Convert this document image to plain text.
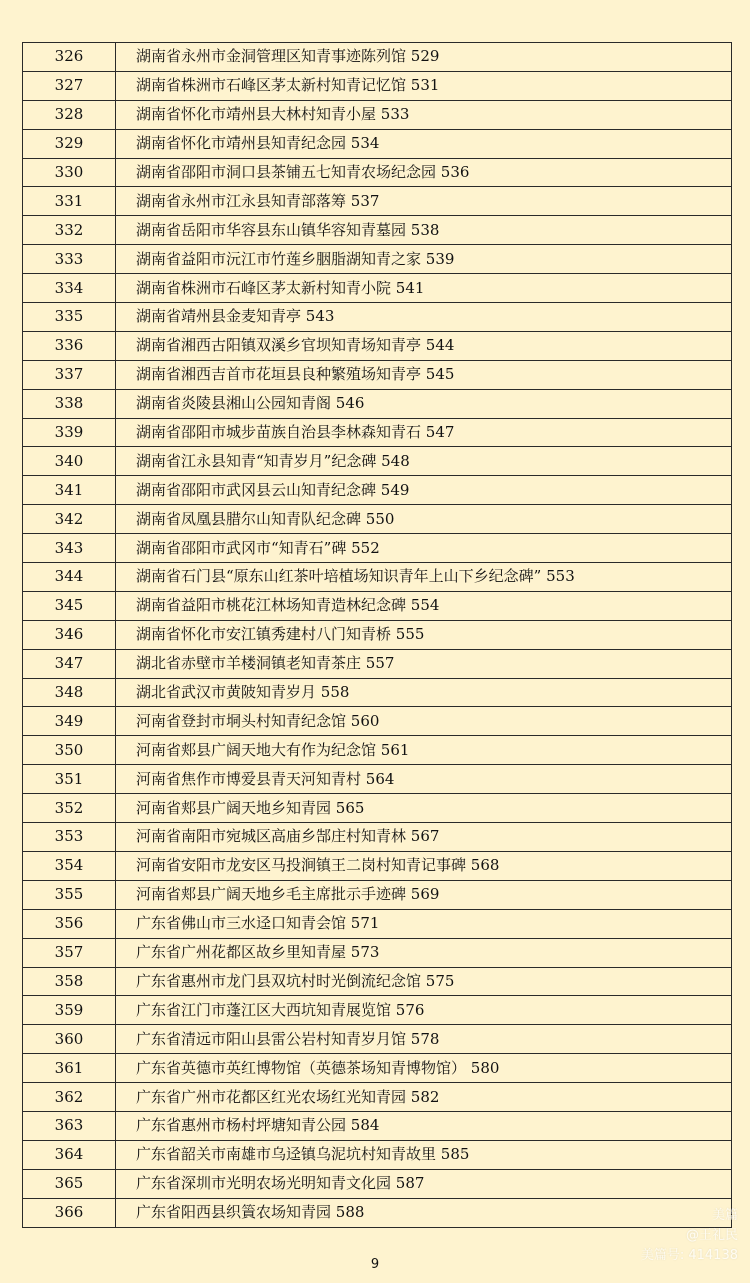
326	湖南省永州市金洞管理区知青事迹陈列馆 529
327	湖南省株洲市石峰区茅太新村知青记忆馆 531
328	湖南省怀化市靖州县大林村知青小屋 533
329	湖南省怀化市靖州县知青纪念园 534
330	湖南省邵阳市洞口县茶铺五七知青农场纪念园 536
331	湖南省永州市江永县知青部落筹 537
332	湖南省岳阳市华容县东山镇华容知青墓园 538
333	湖南省益阳市沅江市竹莲乡胭脂湖知青之家 539
334	湖南省株洲市石峰区茅太新村知青小院 541
335	湖南省靖州县金麦知青亭 543
336	湖南省湘西古阳镇双溪乡官坝知青场知青亭 544
337	湖南省湘西吉首市花垣县良种繁殖场知青亭 545
338	湖南省炎陵县湘山公园知青阁 546
339	湖南省邵阳市城步苗族自治县李林森知青石 547
340	湖南省江永县知青“知青岁月”纪念碑 548
341	湖南省邵阳市武冈县云山知青纪念碑 549
342	湖南省凤凰县腊尔山知青队纪念碑 550
343	湖南省邵阳市武冈市“知青石”碑 552
344	湖南省石门县“原东山红茶叶培植场知识青年上山下乡纪念碑” 553
345	湖南省益阳市桃花江林场知青造林纪念碑 554
346	湖南省怀化市安江镇秀建村八门知青桥 555
347	湖北省赤壁市羊楼洞镇老知青茶庄 557
348	湖北省武汉市黄陂知青岁月 558
349	河南省登封市垌头村知青纪念馆 560
350	河南省郏县广阔天地大有作为纪念馆 561
351	河南省焦作市博爱县青天河知青村 564
352	河南省郏县广阔天地乡知青园 565
353	河南省南阳市宛城区高庙乡郜庄村知青林 567
354	河南省安阳市龙安区马投涧镇王二岗村知青记事碑 568
355	河南省郏县广阔天地乡毛主席批示手迹碑 569
356	广东省佛山市三水迳口知青会馆 571
357	广东省广州花都区故乡里知青屋 573
358	广东省惠州市龙门县双坑村时光倒流纪念馆 575
359	广东省江门市蓬江区大西坑知青展览馆 576
360	广东省清远市阳山县雷公岩村知青岁月馆 578
361	广东省英德市英红博物馆（英德茶场知青博物馆） 580
362	广东省广州市花都区红光农场红光知青园 582
363	广东省惠州市杨村坪塘知青公园 584
364	广东省韶关市南雄市乌迳镇乌泥坑村知青故里 585
365	广东省深圳市光明农场光明知青文化园 587
366	广东省阳西县织篢农场知青园 588
9
美篇
@王礼民
美篇号: 414138
